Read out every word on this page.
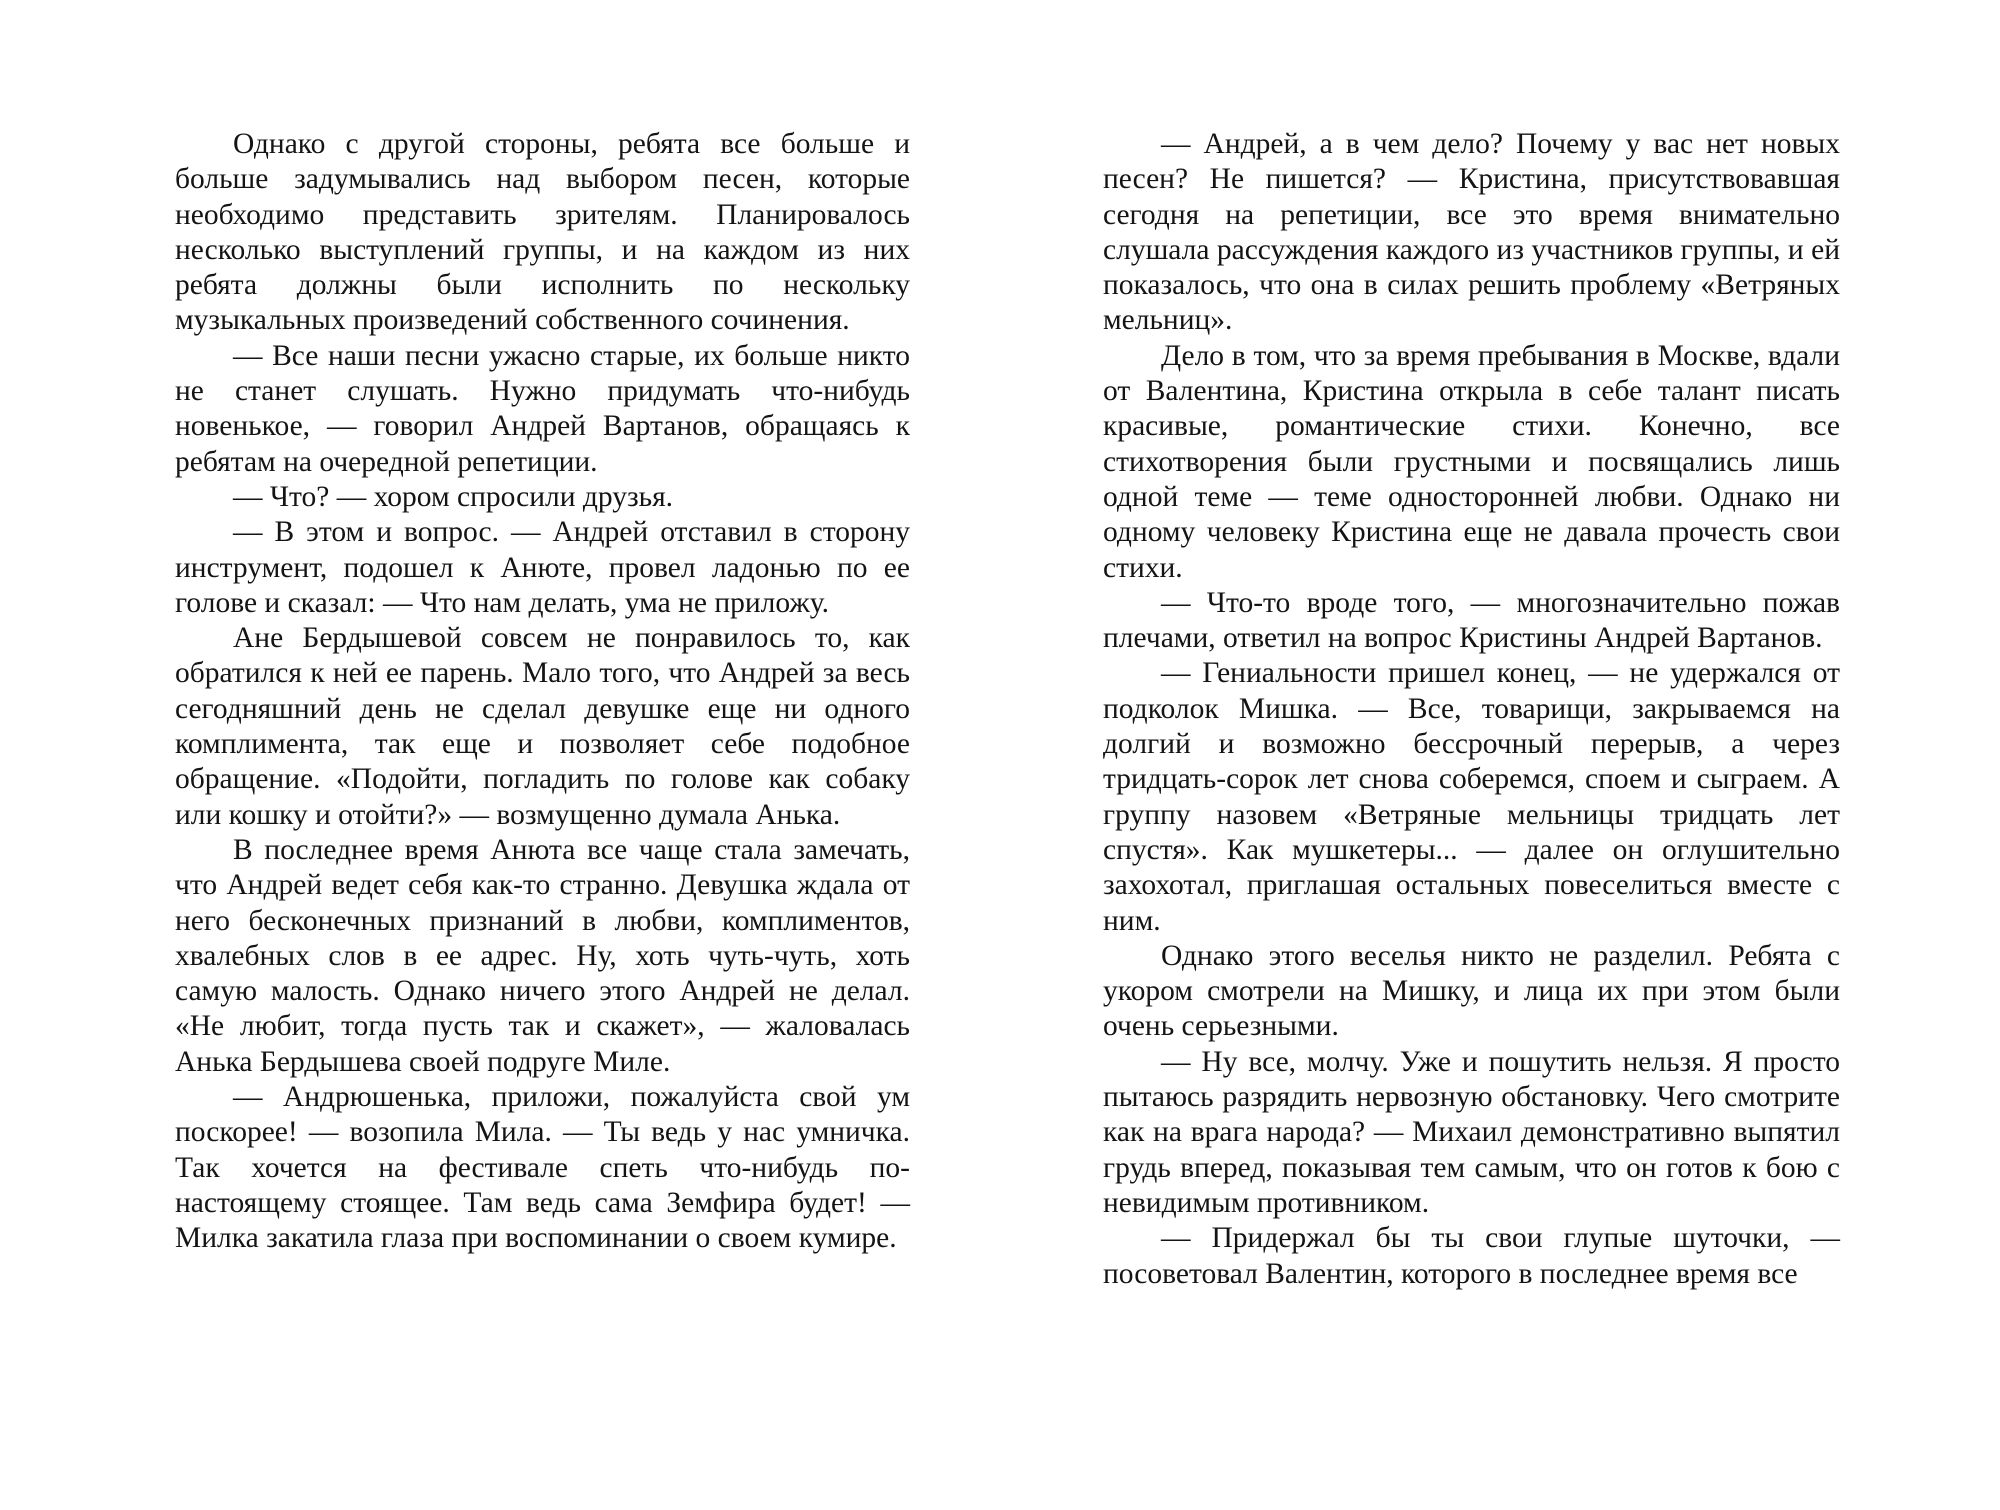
Однако с другой стороны, ребята все больше и больше задумывались над выбором песен, которые необходимо представить зрителям. Планировалось несколько выступлений группы, и на каждом из них ребята должны были исполнить по нескольку музыкальных произведений собственного сочинения.

— Все наши песни ужасно старые, их больше никто не станет слушать. Нужно придумать что-нибудь новенькое, — говорил Андрей Вартанов, обращаясь к ребятам на очередной репетиции.

— Что? — хором спросили друзья.

— В этом и вопрос. — Андрей отставил в сторону инструмент, подошел к Анюте, провел ладонью по ее голове и сказал: — Что нам делать, ума не приложу.

Ане Бердышевой совсем не понравилось то, как обратился к ней ее парень. Мало того, что Андрей за весь сегодняшний день не сделал девушке еще ни одного комплимента, так еще и позволяет себе подобное обращение. «Подойти, погладить по голове как собаку или кошку и отойти?» — возмущенно думала Анька.

В последнее время Анюта все чаще стала замечать, что Андрей ведет себя как-то странно. Девушка ждала от него бесконечных признаний в любви, комплиментов, хвалебных слов в ее адрес. Ну, хоть чуть-чуть, хоть самую малость. Однако ничего этого Андрей не делал. «Не любит, тогда пусть так и скажет», — жаловалась Анька Бердышева своей подруге Миле.

— Андрюшенька, приложи, пожалуйста свой ум поскорее! — возопила Мила. — Ты ведь у нас умничка. Так хочется на фестивале спеть что-нибудь по-настоящему стоящее. Там ведь сама Земфира будет! — Милка закатила глаза при воспоминании о своем кумире.

— Андрей, а в чем дело? Почему у вас нет новых песен? Не пишется? — Кристина, присутствовавшая сегодня на репетиции, все это время внимательно слушала рассуждения каждого из участников группы, и ей показалось, что она в силах решить проблему «Ветряных мельниц».

Дело в том, что за время пребывания в Москве, вдали от Валентина, Кристина открыла в себе талант писать красивые, романтические стихи. Конечно, все стихотворения были грустными и посвящались лишь одной теме — теме односторонней любви. Однако ни одному человеку Кристина еще не давала прочесть свои стихи.

— Что-то вроде того, — многозначительно пожав плечами, ответил на вопрос Кристины Андрей Вартанов.

— Гениальности пришел конец, — не удержался от подколок Мишка. — Все, товарищи, закрываемся на долгий и возможно бессрочный перерыв, а через тридцать-сорок лет снова соберемся, споем и сыграем. А группу назовем «Ветряные мельницы тридцать лет спустя». Как мушкетеры... — далее он оглушительно захохотал, приглашая остальных повеселиться вместе с ним.

Однако этого веселья никто не разделил. Ребята с укором смотрели на Мишку, и лица их при этом были очень серьезными.

— Ну все, молчу. Уже и пошутить нельзя. Я просто пытаюсь разрядить нервозную обстановку. Чего смотрите как на врага народа? — Михаил демонстративно выпятил грудь вперед, показывая тем самым, что он готов к бою с невидимым противником.

— Придержал бы ты свои глупые шуточки, — посоветовал Валентин, которого в последнее время все
